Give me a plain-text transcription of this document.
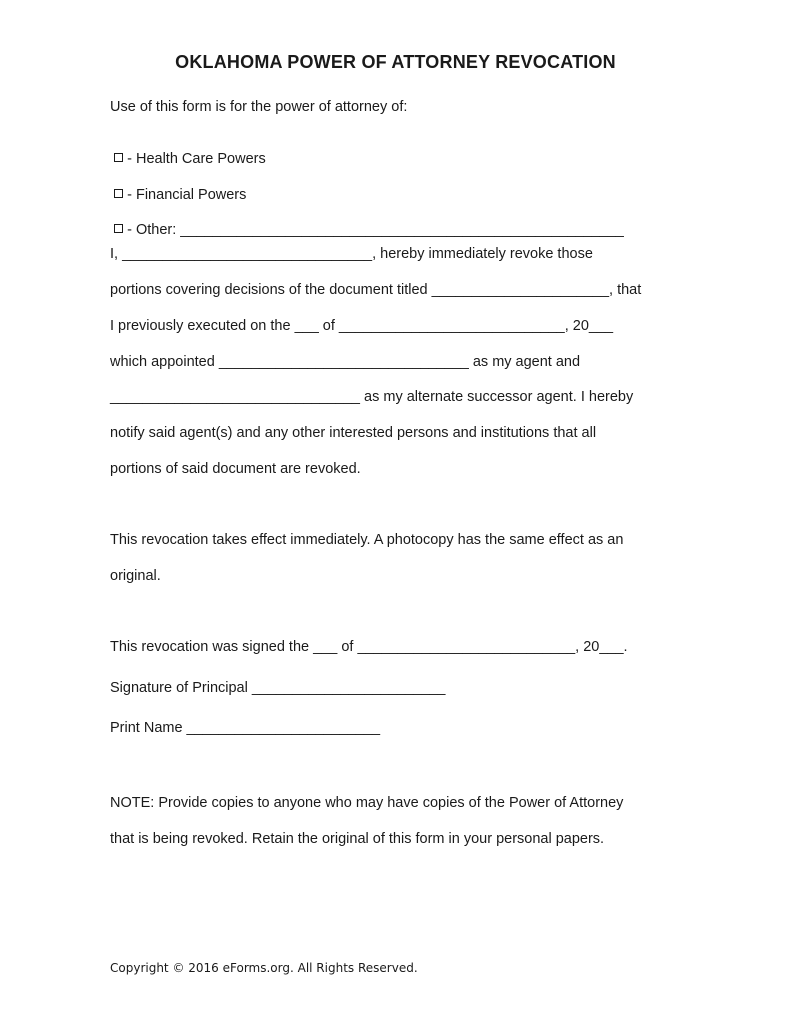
OKLAHOMA POWER OF ATTORNEY REVOCATION
Use of this form is for the power of attorney of:

- Health Care Powers

- Financial Powers

- Other: _______________________________________________________

I, _______________________________, hereby immediately revoke those
portions covering decisions of the document titled ______________________, that
I previously executed on the ___ of ____________________________, 20___
which appointed _______________________________ as my agent and
_______________________________ as my alternate successor agent. I hereby
notify said agent(s) and any other interested persons and institutions that all
portions of said document are revoked.
This revocation takes effect immediately. A photocopy has the same effect as an
original.
This revocation was signed the ___ of ___________________________, 20___.
Signature of Principal ________________________
Print Name ________________________
NOTE: Provide copies to anyone who may have copies of the Power of Attorney
that is being revoked. Retain the original of this form in your personal papers.
Copyright © 2016 eForms.org. All Rights Reserved.
